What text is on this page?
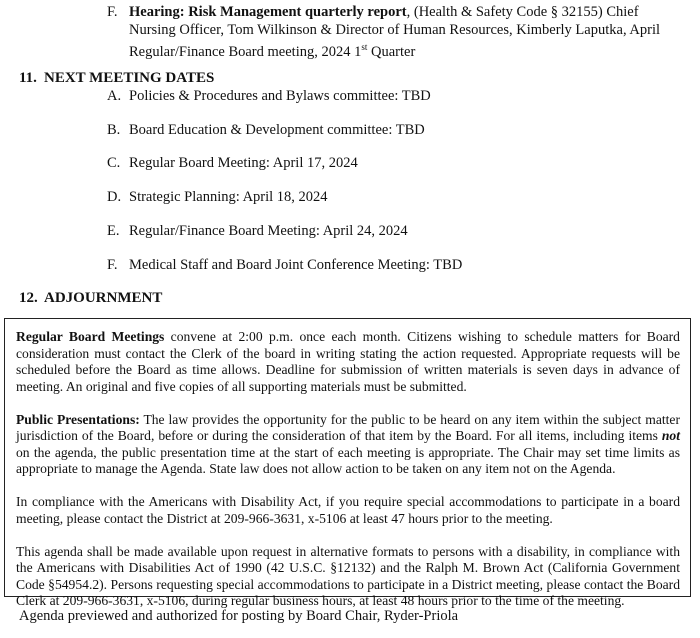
F. Hearing: Risk Management quarterly report, (Health & Safety Code § 32155) Chief Nursing Officer, Tom Wilkinson & Director of Human Resources, Kimberly Laputka, April Regular/Finance Board meeting, 2024 1st Quarter
11. NEXT MEETING DATES
A. Policies & Procedures and Bylaws committee: TBD
B. Board Education & Development committee: TBD
C. Regular Board Meeting: April 17, 2024
D. Strategic Planning: April 18, 2024
E. Regular/Finance Board Meeting: April 24, 2024
F. Medical Staff and Board Joint Conference Meeting: TBD
12. ADJOURNMENT

Regular Board Meetings convene at 2:00 p.m. once each month. Citizens wishing to schedule matters for Board consideration must contact the Clerk of the board in writing stating the action requested. Appropriate requests will be scheduled before the Board as time allows. Deadline for submission of written materials is seven days in advance of meeting. An original and five copies of all supporting materials must be submitted.

Public Presentations: The law provides the opportunity for the public to be heard on any item within the subject matter jurisdiction of the Board, before or during the consideration of that item by the Board. For all items, including items not on the agenda, the public presentation time at the start of each meeting is appropriate. The Chair may set time limits as appropriate to manage the Agenda. State law does not allow action to be taken on any item not on the Agenda.

In compliance with the Americans with Disability Act, if you require special accommodations to participate in a board meeting, please contact the District at 209-966-3631, x-5106 at least 47 hours prior to the meeting.

This agenda shall be made available upon request in alternative formats to persons with a disability, in compliance with the Americans with Disabilities Act of 1990 (42 U.S.C. §12132) and the Ralph M. Brown Act (California Government Code §54954.2). Persons requesting special accommodations to participate in a District meeting, please contact the Board Clerk at 209-966-3631, x-5106, during regular business hours, at least 48 hours prior to the time of the meeting.

Agenda previewed and authorized for posting by Board Chair, Ryder-Priola
